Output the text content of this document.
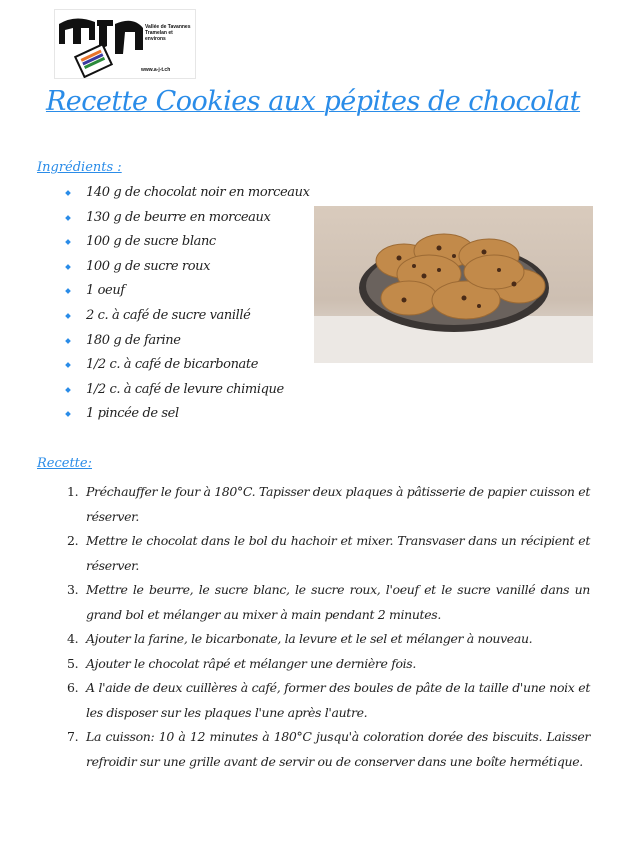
Vallée de Tavannes Tramelan et environs
www.a-j-t.ch
Recette Cookies aux pépites de chocolat
Ingrédients :
140 g de chocolat noir en morceaux
130 g de beurre en morceaux
100 g de sucre blanc
100 g de sucre roux
1 oeuf
2 c. à café de sucre vanillé
180 g de farine
1/2 c. à café de bicarbonate
1/2 c. à café de levure chimique
1 pincée de sel
Recette:
1. Préchauffer le four à 180°C. Tapisser deux plaques à pâtisserie de papier cuisson et réserver.
2. Mettre le chocolat dans le bol du hachoir et mixer. Transvaser dans un récipient et réserver.
3. Mettre le beurre, le sucre blanc, le sucre roux, l'oeuf et le sucre vanillé dans un grand bol et mélanger au mixer à main pendant 2 minutes.
4. Ajouter la farine, le bicarbonate, la levure et le sel et mélanger à nouveau.
5. Ajouter le chocolat râpé et mélanger une dernière fois.
6. A l'aide de deux cuillères à café, former des boules de pâte de la taille d'une noix et les disposer sur les plaques l'une après l'autre.
7. La cuisson: 10 à 12 minutes à 180°C jusqu'à coloration dorée des biscuits. Laisser refroidir sur une grille avant de servir ou de conserver dans une boîte hermétique.
